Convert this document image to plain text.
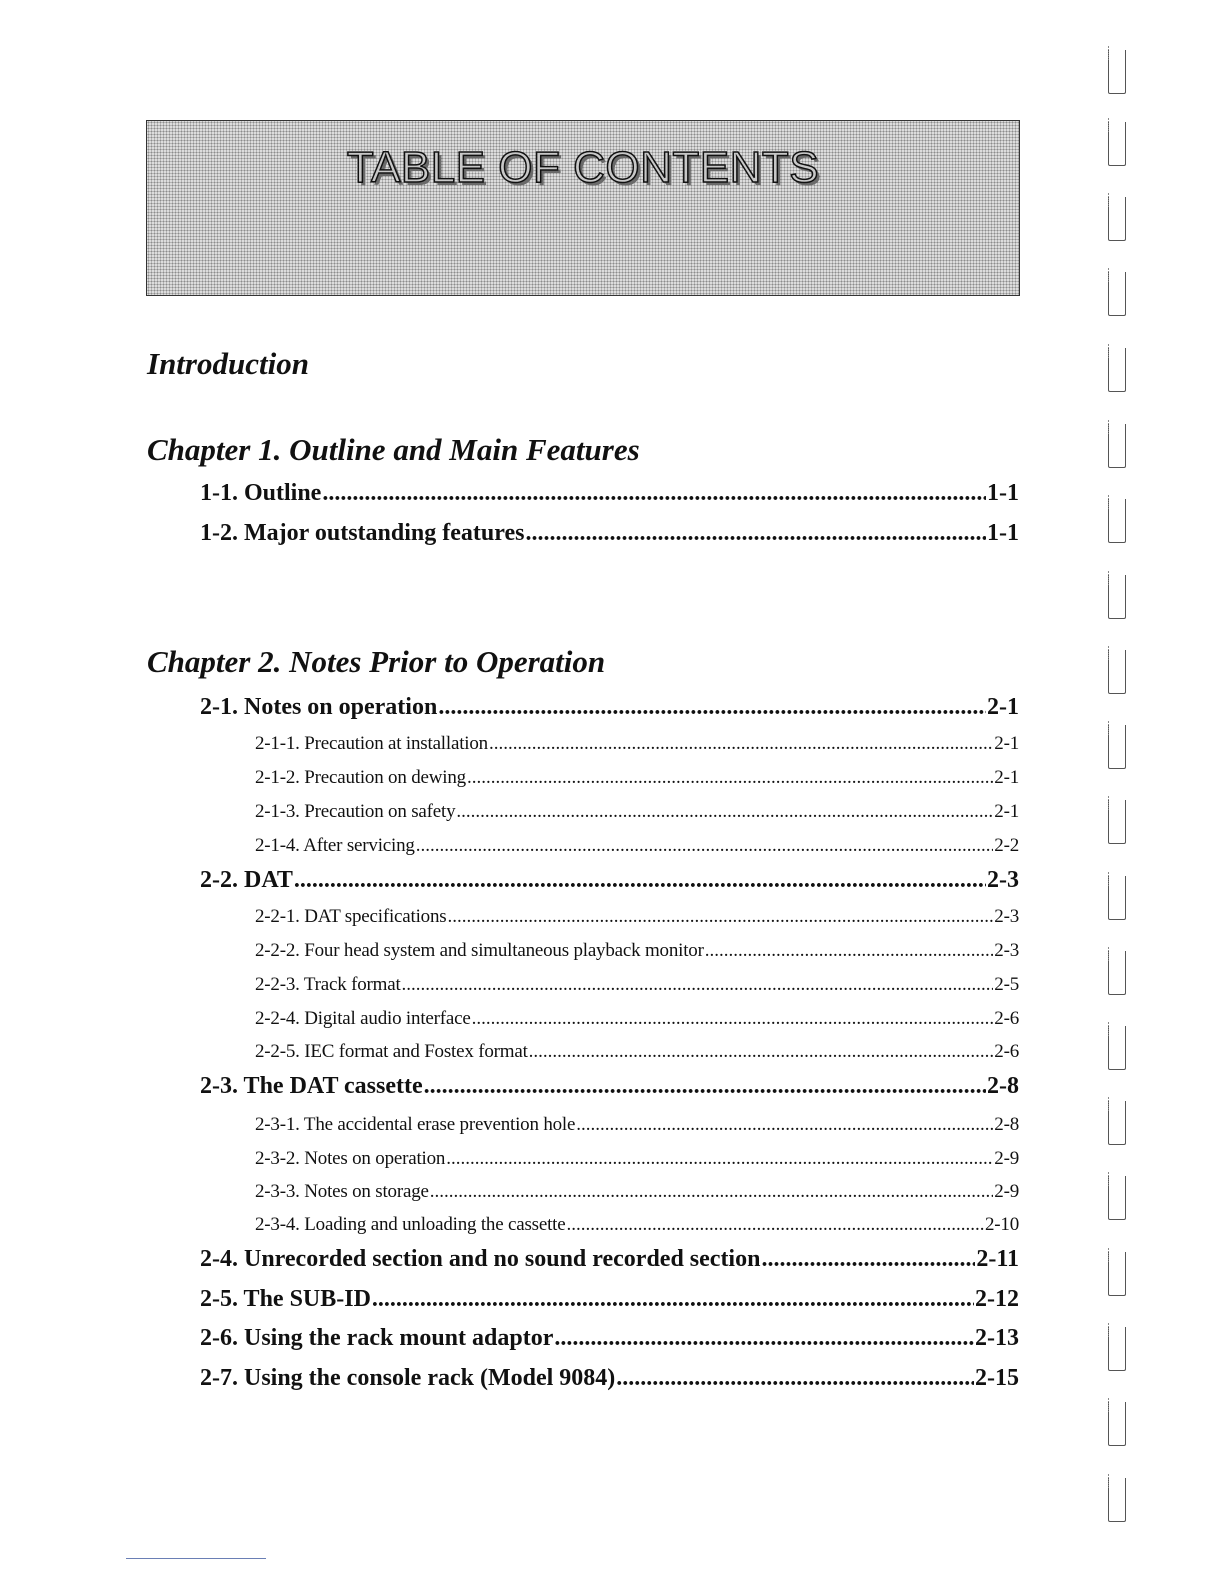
TABLE OF CONTENTS
Introduction
Chapter 1. Outline and Main Features
1-1. Outline .....	1-1
1-2. Major outstanding features .....	1-1
Chapter 2. Notes Prior to Operation
2-1. Notes on operation .....	2-1
2-1-1. Precaution at installation .....	2-1
2-1-2. Precaution on dewing .....	2-1
2-1-3. Precaution on safety .....	2-1
2-1-4. After servicing .....	2-2
2-2. DAT .....	2-3
2-2-1. DAT specifications .....	2-3
2-2-2. Four head system and simultaneous playback monitor .....	2-3
2-2-3. Track format .....	2-5
2-2-4. Digital audio interface .....	2-6
2-2-5. IEC format and Fostex format .....	2-6
2-3. The DAT cassette .....	2-8
2-3-1. The accidental erase prevention hole .....	2-8
2-3-2. Notes on operation .....	2-9
2-3-3. Notes on storage .....	2-9
2-3-4. Loading and unloading the cassette .....	2-10
2-4. Unrecorded section and no sound recorded section .....	2-11
2-5. The SUB-ID .....	2-12
2-6. Using the rack mount adaptor .....	2-13
2-7. Using the console rack (Model 9084) .....	2-15
